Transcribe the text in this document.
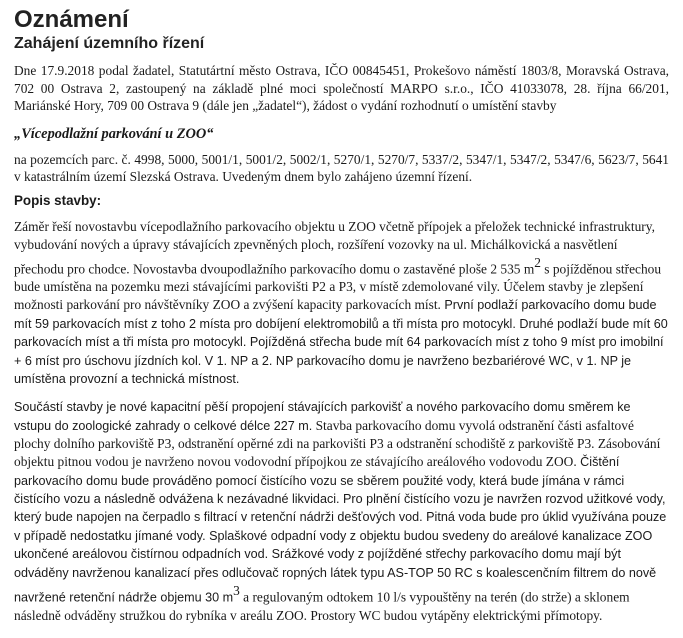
Oznámení
Zahájení územního řízení

Dne 17.9.2018 podal žadatel, Statutártní město Ostrava, IČO 00845451, Prokešovo náměstí 1803/8, Moravská Ostrava, 702 00 Ostrava 2, zastoupený na základě plné moci společností MARPO s.r.o., IČO 41033078, 28. října 66/201, Mariánské Hory, 709 00 Ostrava 9 (dále jen „žadatel“), žádost o vydání rozhodnutí o umístění stavby

„Vícepodlažní parkování u ZOO“

na pozemcích parc. č. 4998, 5000, 5001/1, 5001/2, 5002/1, 5270/1, 5270/7, 5337/2, 5347/1, 5347/2, 5347/6, 5623/7, 5641 v katastrálním území Slezská Ostrava. Uvedeným dnem bylo zahájeno územní řízení.

Popis stavby:

Záměr řeší novostavbu vícepodlažního parkovacího objektu u ZOO včetně přípojek a přeložek technické infrastruktury, vybudování nových a úpravy stávajících zpevněných ploch, rozšíření vozovky na ul. Michálkovická a nasvětlení přechodu pro chodce. Novostavba dvoupodlažního parkovacího domu o zastavěné ploše 2 535 $m^2$ s pojížděnou střechou bude umístěna na pozemku mezi stávajícími parkovišti P2 a P3, v místě zdemolované vily. Účelem stavby je zlepšení možnosti parkování pro návštěvníky ZOO a zvýšení kapacity parkovacích míst. První podlaží parkovacího domu bude mít 59 parkovacích míst z toho 2 místa pro dobíjení elektromobilů a tři místa pro motocykl. Druhé podlaží bude mít 60 parkovacích míst a tři místa pro motocykl. Pojížděná střecha bude mít 64 parkovacích míst z toho 9 míst pro imobilní + 6 míst pro úschovu jízdních kol. V 1. NP a 2. NP parkovacího domu je navrženo bezbariérové WC, v 1. NP je umístěna provozní a technická místnost.

Součástí stavby je nové kapacitní pěší propojení stávajících parkovišť a nového parkovacího domu směrem ke vstupu do zoologické zahrady o celkové délce 227 m. Stavba parkovacího domu vyvolá odstranění části asfaltové plochy dolního parkoviště P3, odstranění opěrné zdi na parkovišti P3 a odstranění schodiště z parkoviště P3. Zásobování objektu pitnou vodou je navrženo novou vodovodní přípojkou ze stávajícího areálového vodovodu ZOO. Čištění parkovacího domu bude prováděno pomocí čistícího vozu se sběrem použité vody, která bude jímána v rámci čistícího vozu a následně odvážena k nezávadné likvidaci. Pro plnění čistícího vozu je navržen rozvod užitkové vody, který bude napojen na čerpadlo s filtrací v retenční nádrži dešťových vod. Pitná voda bude pro úklid využívána pouze v případě nedostatku jímané vody. Splaškové odpadní vody z objektu budou svedeny do areálové kanalizace ZOO ukončené areálovou čistírnou odpadních vod. Srážkové vody z pojížděné střechy parkovacího domu mají být odváděny navrženou kanalizací přes odlučovač ropných látek typu AS-TOP 50 RC s koalescenčním filtrem do nově navržené retenční nádrže objemu 30 $m^3$ a regulovaným odtokem 10 l/s vypouštěny na terén (do strže) a sklonem následně odváděny stružkou do rybníka v areálu ZOO. Prostory WC budou vytápěny elektrickými přímotopy.
